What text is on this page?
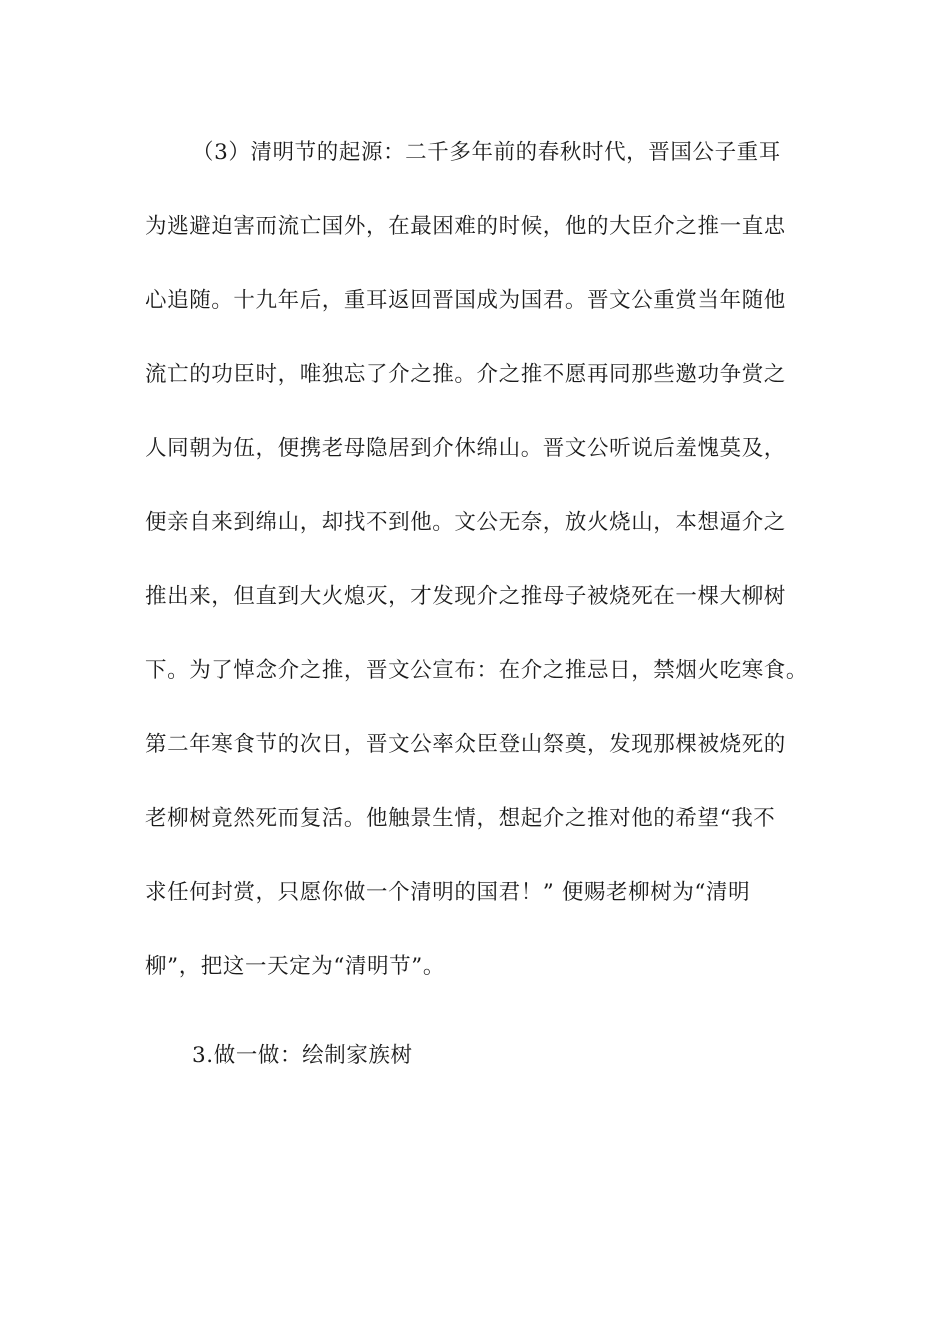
（3）清明节的起源：二千多年前的春秋时代，晋国公子重耳
为逃避迫害而流亡国外，在最困难的时候，他的大臣介之推一直忠
心追随。十九年后，重耳返回晋国成为国君。晋文公重赏当年随他
流亡的功臣时，唯独忘了介之推。介之推不愿再同那些邀功争赏之
人同朝为伍，便携老母隐居到介休绵山。晋文公听说后羞愧莫及，
便亲自来到绵山，却找不到他。文公无奈，放火烧山，本想逼介之
推出来，但直到大火熄灭，才发现介之推母子被烧死在一棵大柳树
下。为了悼念介之推，晋文公宣布：在介之推忌日，禁烟火吃寒食。
第二年寒食节的次日，晋文公率众臣登山祭奠，发现那棵被烧死的
老柳树竟然死而复活。他触景生情，想起介之推对他的希望“我不
求任何封赏，只愿你做一个清明的国君！” 便赐老柳树为“清明
柳”，把这一天定为“清明节”。
3.做一做：绘制家族树
